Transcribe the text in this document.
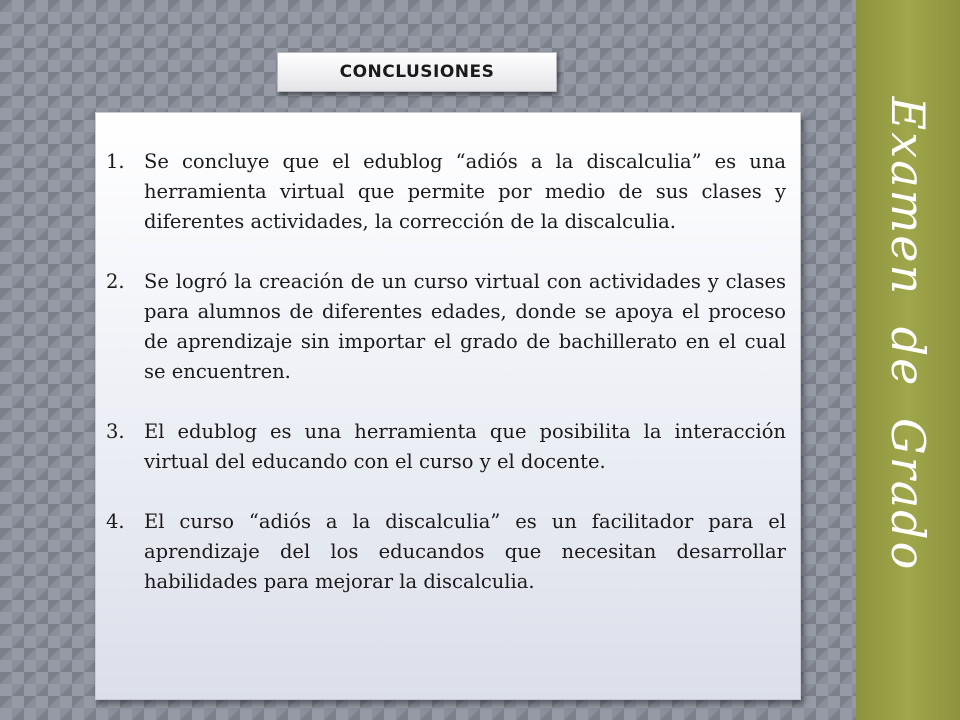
CONCLUSIONES
1. Se concluye que el edublog “adiós a la discalculia” es una herramienta virtual que permite por medio de sus clases y diferentes actividades, la corrección de la discalculia.
2. Se logró la creación de un curso virtual con actividades y clases para alumnos de diferentes edades, donde se apoya el proceso de aprendizaje sin importar el grado de bachillerato en el cual se encuentren.
3. El edublog es una herramienta que posibilita la interacción virtual del educando con el curso y el docente.
4. El curso “adiós a la discalculia” es un facilitador para el aprendizaje del los educandos que necesitan desarrollar habilidades para mejorar la discalculia.
Examen de Grado
